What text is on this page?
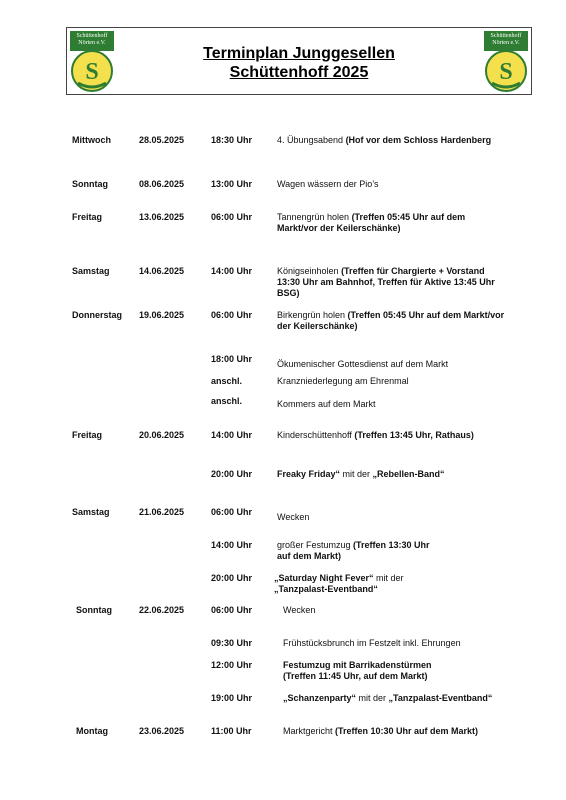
Schüttenhoff
Nörten e.V.
S
Terminplan Junggesellen
Schüttenhoff 2025
Schüttenhoff
Nörten e.V.
S
Mittwoch	28.05.2025	18:30 Uhr	4. Übungsabend (Hof vor dem Schloss Hardenberg
Sonntag	08.06.2025	13:00 Uhr	Wagen wässern der Pio’s
Freitag	13.06.2025	06:00 Uhr	Tannengrün holen (Treffen 05:45 Uhr auf dem Markt/vor der Keilerschänke)
Samstag	14.06.2025	14:00 Uhr	Königseinholen (Treffen für Chargierte + Vorstand 13:30 Uhr am Bahnhof, Treffen für Aktive 13:45 Uhr BSG)
Donnerstag 19.06.2025	06:00 Uhr	Birkengrün holen (Treffen 05:45 Uhr auf dem Markt/vor der Keilerschänke)
18:00 Uhr	Ökumenischer Gottesdienst auf dem Markt
anschl.	Kranzniederlegung am Ehrenmal
anschl.	Kommers auf dem Markt
Freitag	20.06.2025	14:00 Uhr	Kinderschüttenhoff (Treffen 13:45 Uhr, Rathaus)
20:00 Uhr	Freaky Friday“ mit der „Rebellen-Band“
Samstag	21.06.2025	06:00 Uhr	Wecken
14:00 Uhr	großer Festumzug (Treffen 13:30 Uhr auf dem Markt)
20:00 Uhr „Saturday Night Fever“ mit der „Tanzpalast-Eventband“
Sonntag	22.06.2025	06:00 Uhr	Wecken
09:30 Uhr	Frühstücksbrunch im Festzelt inkl. Ehrungen
12:00 Uhr	Festumzug mit Barrikadenstürmen (Treffen 11:45 Uhr, auf dem Markt)
19:00 Uhr	„Schanzenparty“ mit der „Tanzpalast-Eventband“
Montag	23.06.2025	11:00 Uhr	Marktgericht (Treffen 10:30 Uhr auf dem Markt)
